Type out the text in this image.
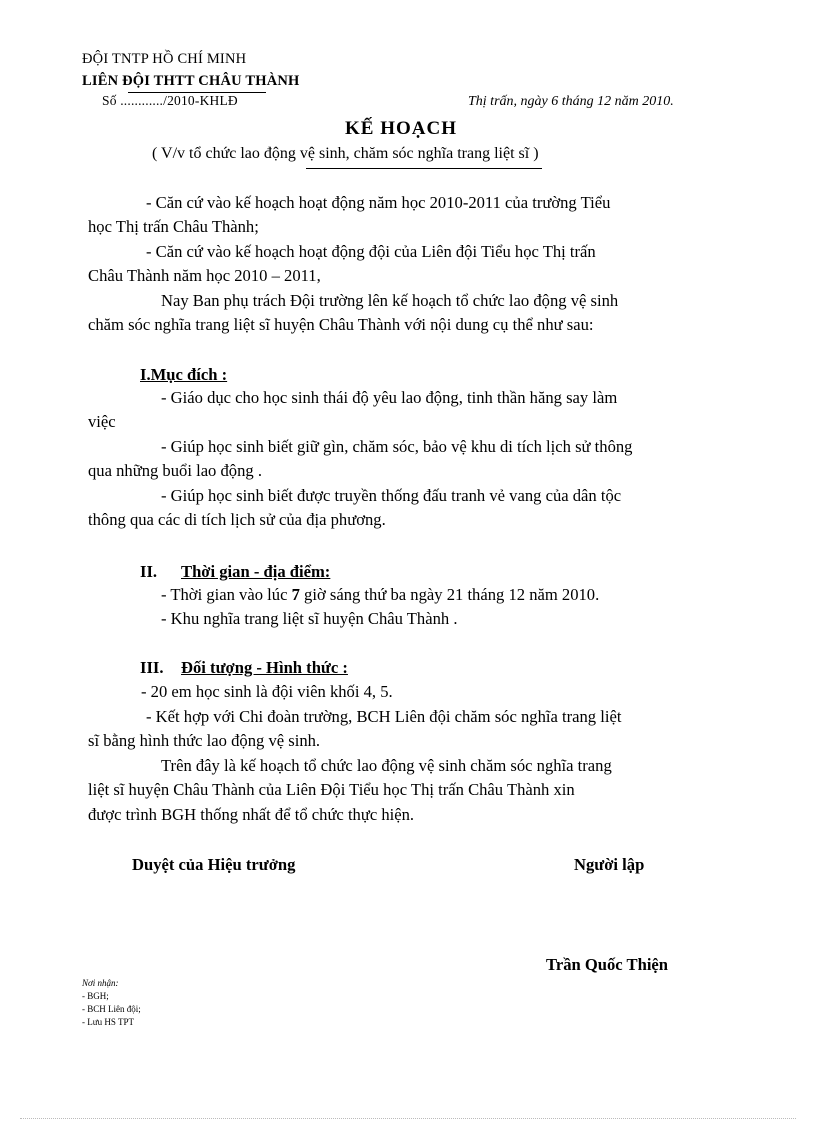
ĐỘI TNTP HỒ CHÍ MINH
LIÊN ĐỘI THTT CHÂU THÀNH
Số ............/2010-KHLĐ	Thị trấn, ngày 6 tháng 12 năm 2010.
KẾ HOẠCH
( V/v tổ chức lao động vệ sinh, chăm sóc nghĩa trang liệt sĩ )
- Căn cứ vào kế hoạch hoạt động năm học 2010-2011 của trường Tiểu
học Thị trấn Châu Thành;
- Căn cứ vào kế hoạch hoạt động đội của Liên đội Tiểu học Thị trấn
Châu Thành năm học 2010 – 2011,
Nay Ban phụ trách Đội trường lên kế hoạch tổ chức lao động vệ sinh
chăm sóc nghĩa trang liệt sĩ huyện Châu Thành với nội dung cụ thể như sau:
I.Mục đích :
- Giáo dục cho học sinh thái độ yêu lao động, tinh thần hăng say làm
việc
- Giúp học sinh biết giữ gìn, chăm sóc, bảo vệ khu di tích lịch sử thông
qua những buổi lao động .
- Giúp học sinh biết được truyền thống đấu tranh vẻ vang của dân tộc
thông qua các di tích lịch sử của địa phương.
II. Thời gian - địa điểm:
- Thời gian vào lúc 7 giờ sáng thứ ba ngày 21 tháng 12 năm 2010.
- Khu nghĩa trang liệt sĩ huyện Châu Thành .
III. Đối tượng - Hình thức :
- 20 em học sinh là đội viên khối 4, 5.
- Kết hợp với Chi đoàn trường, BCH Liên đội chăm sóc nghĩa trang liệt
sĩ bằng hình thức lao động vệ sinh.
Trên đây là kế hoạch tổ chức lao động vệ sinh chăm sóc nghĩa trang
liệt sĩ huyện Châu Thành của Liên Đội Tiểu học Thị trấn Châu Thành xin
được trình BGH thống nhất để tổ chức thực hiện.
Duyệt của Hiệu trưởng	Người lập
Trần Quốc Thiện
Nơi nhận:
- BGH;
- BCH Liên đội;
- Lưu HS TPT
